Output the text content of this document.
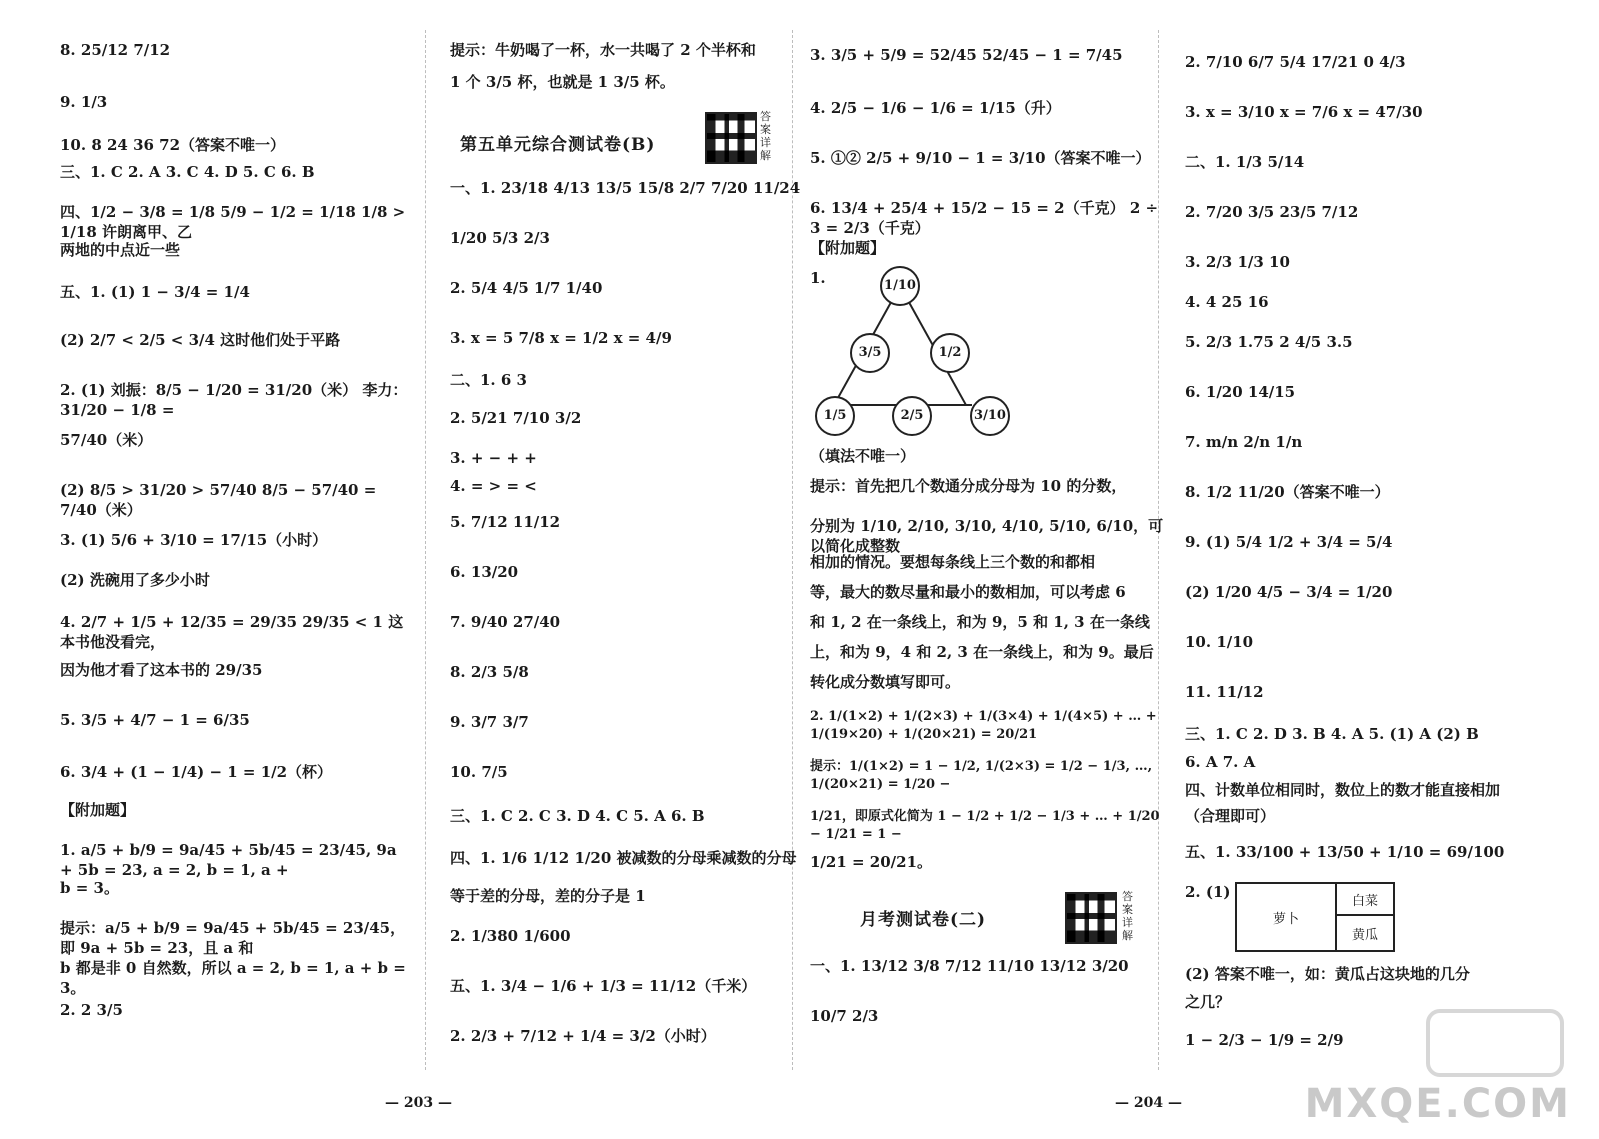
8. 25/12 7/12
9. 1/3
10. 8 24 36 72（答案不唯一）
三、1. C 2. A 3. C 4. D 5. C 6. B
四、1/2 − 3/8 = 1/8 5/9 − 1/2 = 1/18 1/8 > 1/18 许朗离甲、乙
两地的中点近一些
五、1. (1) 1 − 3/4 = 1/4
(2) 2/7 < 2/5 < 3/4 这时他们处于平路
2. (1) 刘振：8/5 − 1/20 = 31/20（米） 李力：31/20 − 1/8 =
57/40（米）
(2) 8/5 > 31/20 > 57/40 8/5 − 57/40 = 7/40（米）
3. (1) 5/6 + 3/10 = 17/15（小时）
(2) 洗碗用了多少小时
4. 2/7 + 1/5 + 12/35 = 29/35 29/35 < 1 这本书他没看完，
因为他才看了这本书的 29/35
5. 3/5 + 4/7 − 1 = 6/35
6. 3/4 + (1 − 1/4) − 1 = 1/2（杯）
【附加题】
1. a/5 + b/9 = 9a/45 + 5b/45 = 23/45, 9a + 5b = 23, a = 2, b = 1, a +
b = 3。
提示：a/5 + b/9 = 9a/45 + 5b/45 = 23/45，即 9a + 5b = 23，且 a 和
b 都是非 0 自然数，所以 a = 2, b = 1, a + b = 3。
2. 2 3/5
提示：牛奶喝了一杯，水一共喝了 2 个半杯和
1 个 3/5 杯，也就是 1 3/5 杯。
第五单元综合测试卷(B)
一、1. 23/18 4/13 13/5 15/8 2/7 7/20 11/24
1/20 5/3 2/3
2. 5/4 4/5 1/7 1/40
3. x = 5 7/8 x = 1/2 x = 4/9
二、1. 6 3
2. 5/21 7/10 3/2
3. + − + +
4. = > = <
5. 7/12 11/12
6. 13/20
7. 9/40 27/40
8. 2/3 5/8
9. 3/7 3/7
10. 7/5
三、1. C 2. C 3. D 4. C 5. A 6. B
四、1. 1/6 1/12 1/20 被减数的分母乘减数的分母
等于差的分母，差的分子是 1
2. 1/380 1/600
五、1. 3/4 − 1/6 + 1/3 = 11/12（千米）
2. 2/3 + 7/12 + 1/4 = 3/2（小时）
答案详解
3. 3/5 + 5/9 = 52/45 52/45 − 1 = 7/45
4. 2/5 − 1/6 − 1/6 = 1/15（升）
5. ①② 2/5 + 9/10 − 1 = 3/10（答案不唯一）
6. 13/4 + 25/4 + 15/2 − 15 = 2（千克） 2 ÷ 3 = 2/3（千克）
【附加题】
1.	1/10
3/5	1/2
1/5	2/5	3/10
（填法不唯一）
提示：首先把几个数通分成分母为 10 的分数，
分别为 1/10, 2/10, 3/10, 4/10, 5/10, 6/10，可以简化成整数
相加的情况。要想每条线上三个数的和都相
等，最大的数尽量和最小的数相加，可以考虑 6
和 1, 2 在一条线上，和为 9，5 和 1, 3 在一条线
上，和为 9，4 和 2, 3 在一条线上，和为 9。最后
转化成分数填写即可。
2. 1/(1×2) + 1/(2×3) + 1/(3×4) + 1/(4×5) + … + 1/(19×20) + 1/(20×21) = 20/21
提示：1/(1×2) = 1 − 1/2, 1/(2×3) = 1/2 − 1/3, …, 1/(20×21) = 1/20 −
1/21，即原式化简为 1 − 1/2 + 1/2 − 1/3 + … + 1/20 − 1/21 = 1 −
1/21 = 20/21。
月考测试卷(二)
一、1. 13/12 3/8 7/12 11/10 13/12 3/20
10/7 2/3
答案详解
2. 7/10 6/7 5/4 17/21 0 4/3
3. x = 3/10 x = 7/6 x = 47/30
二、1. 1/3 5/14
2. 7/20 3/5 23/5 7/12
3. 2/3 1/3 10
4. 4 25 16
5. 2/3 1.75 2 4/5 3.5
6. 1/20 14/15
7. m/n 2/n 1/n
8. 1/2 11/20（答案不唯一）
9. (1) 5/4 1/2 + 3/4 = 5/4
(2) 1/20 4/5 − 3/4 = 1/20
10. 1/10
11. 11/12
三、1. C 2. D 3. B 4. A 5. (1) A (2) B
6. A 7. A
四、计数单位相同时，数位上的数才能直接相加
（合理即可）
五、1. 33/100 + 13/50 + 1/10 = 69/100
2. (1)
(2) 答案不唯一，如：黄瓜占这块地的几分
之几？
1 − 2/3 − 1/9 = 2/9
萝卜	白菜
黄瓜
— 203 —	— 204 —	MXQE.COM
